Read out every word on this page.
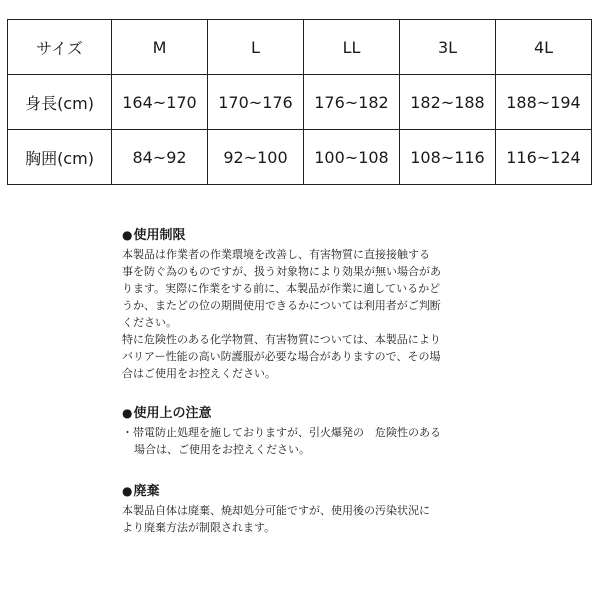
サイズ	M	L	LL	3L	4L
身長(cm)	164~170	170~176	176~182	182~188	188~194
胸囲(cm)	84~92	92~100	100~108	108~116	116~124

●使用制限

本製品は作業者の作業環境を改善し、有害物質に直接接触する

事を防ぐ為のものですが、扱う対象物により効果が無い場合があ

ります。実際に作業をする前に、本製品が作業に適しているかど

うか、またどの位の期間使用できるかについては利用者がご判断

ください。

特に危険性のある化学物質、有害物質については、本製品により

バリアー性能の高い防護服が必要な場合がありますので、その場

合はご使用をお控えください。

●使用上の注意

・帯電防止処理を施しておりますが、引火爆発の　危険性のある

場合は、ご使用をお控えください。

●廃棄

本製品自体は廃棄、焼却処分可能ですが、使用後の汚染状況に

より廃棄方法が制限されます。
